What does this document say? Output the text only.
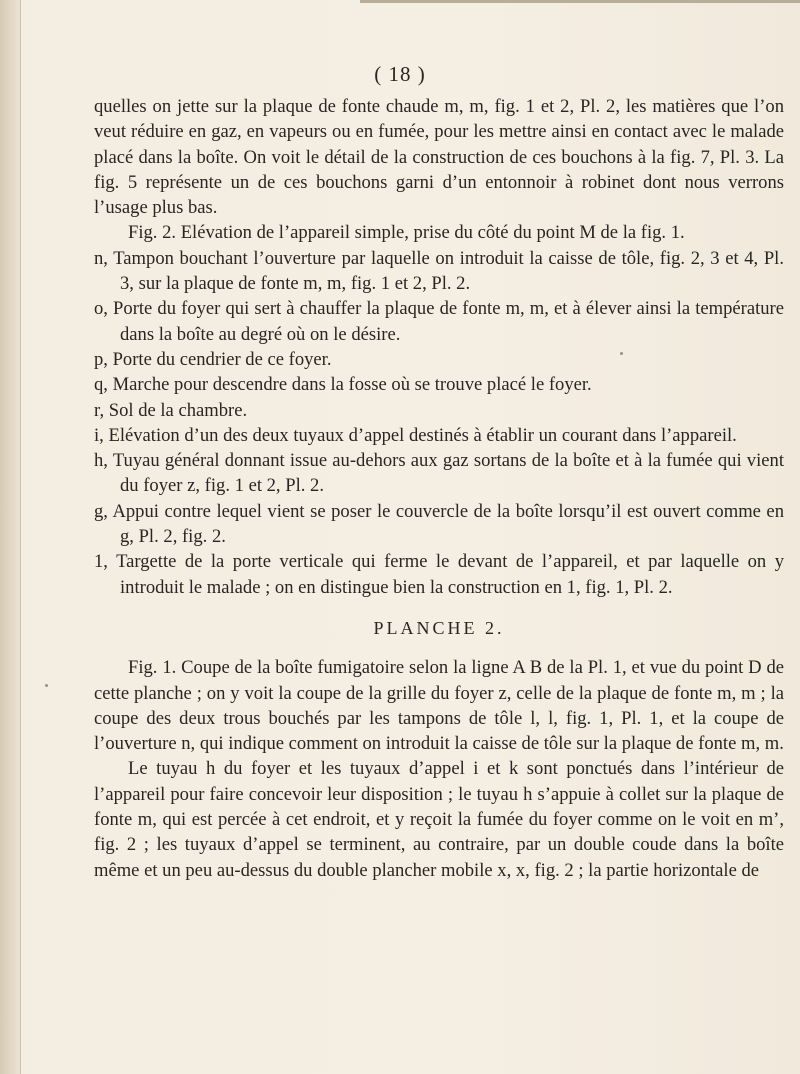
( 18 )

quelles on jette sur la plaque de fonte chaude m, m, fig. 1 et 2, Pl. 2, les matières que l’on veut réduire en gaz, en vapeurs ou en fumée, pour les mettre ainsi en contact avec le malade placé dans la boîte. On voit le détail de la construction de ces bouchons à la fig. 7, Pl. 3. La fig. 5 représente un de ces bouchons garni d’un entonnoir à robinet dont nous verrons l’usage plus bas.

Fig. 2. Elévation de l’appareil simple, prise du côté du point M de la fig. 1.

n, Tampon bouchant l’ouverture par laquelle on introduit la caisse de tôle, fig. 2, 3 et 4, Pl. 3, sur la plaque de fonte m, m, fig. 1 et 2, Pl. 2.

o, Porte du foyer qui sert à chauffer la plaque de fonte m, m, et à élever ainsi la température dans la boîte au degré où on le désire.

p, Porte du cendrier de ce foyer.

q, Marche pour descendre dans la fosse où se trouve placé le foyer.

r, Sol de la chambre.

i, Elévation d’un des deux tuyaux d’appel destinés à établir un courant dans l’appareil.

h, Tuyau général donnant issue au-dehors aux gaz sortans de la boîte et à la fumée qui vient du foyer z, fig. 1 et 2, Pl. 2.

g, Appui contre lequel vient se poser le couvercle de la boîte lorsqu’il est ouvert comme en g, Pl. 2, fig. 2.

1, Targette de la porte verticale qui ferme le devant de l’appareil, et par laquelle on y introduit le malade ; on en distingue bien la construction en 1, fig. 1, Pl. 2.

PLANCHE 2.

Fig. 1. Coupe de la boîte fumigatoire selon la ligne A B de la Pl. 1, et vue du point D de cette planche ; on y voit la coupe de la grille du foyer z, celle de la plaque de fonte m, m ; la coupe des deux trous bouchés par les tampons de tôle l, l, fig. 1, Pl. 1, et la coupe de l’ouverture n, qui indique comment on introduit la caisse de tôle sur la plaque de fonte m, m.

Le tuyau h du foyer et les tuyaux d’appel i et k sont ponctués dans l’intérieur de l’appareil pour faire concevoir leur disposition ; le tuyau h s’appuie à collet sur la plaque de fonte m, qui est percée à cet endroit, et y reçoit la fumée du foyer comme on le voit en m’, fig. 2 ; les tuyaux d’appel se terminent, au contraire, par un double coude dans la boîte même et un peu au-dessus du double plancher mobile x, x, fig. 2 ; la partie horizontale de
